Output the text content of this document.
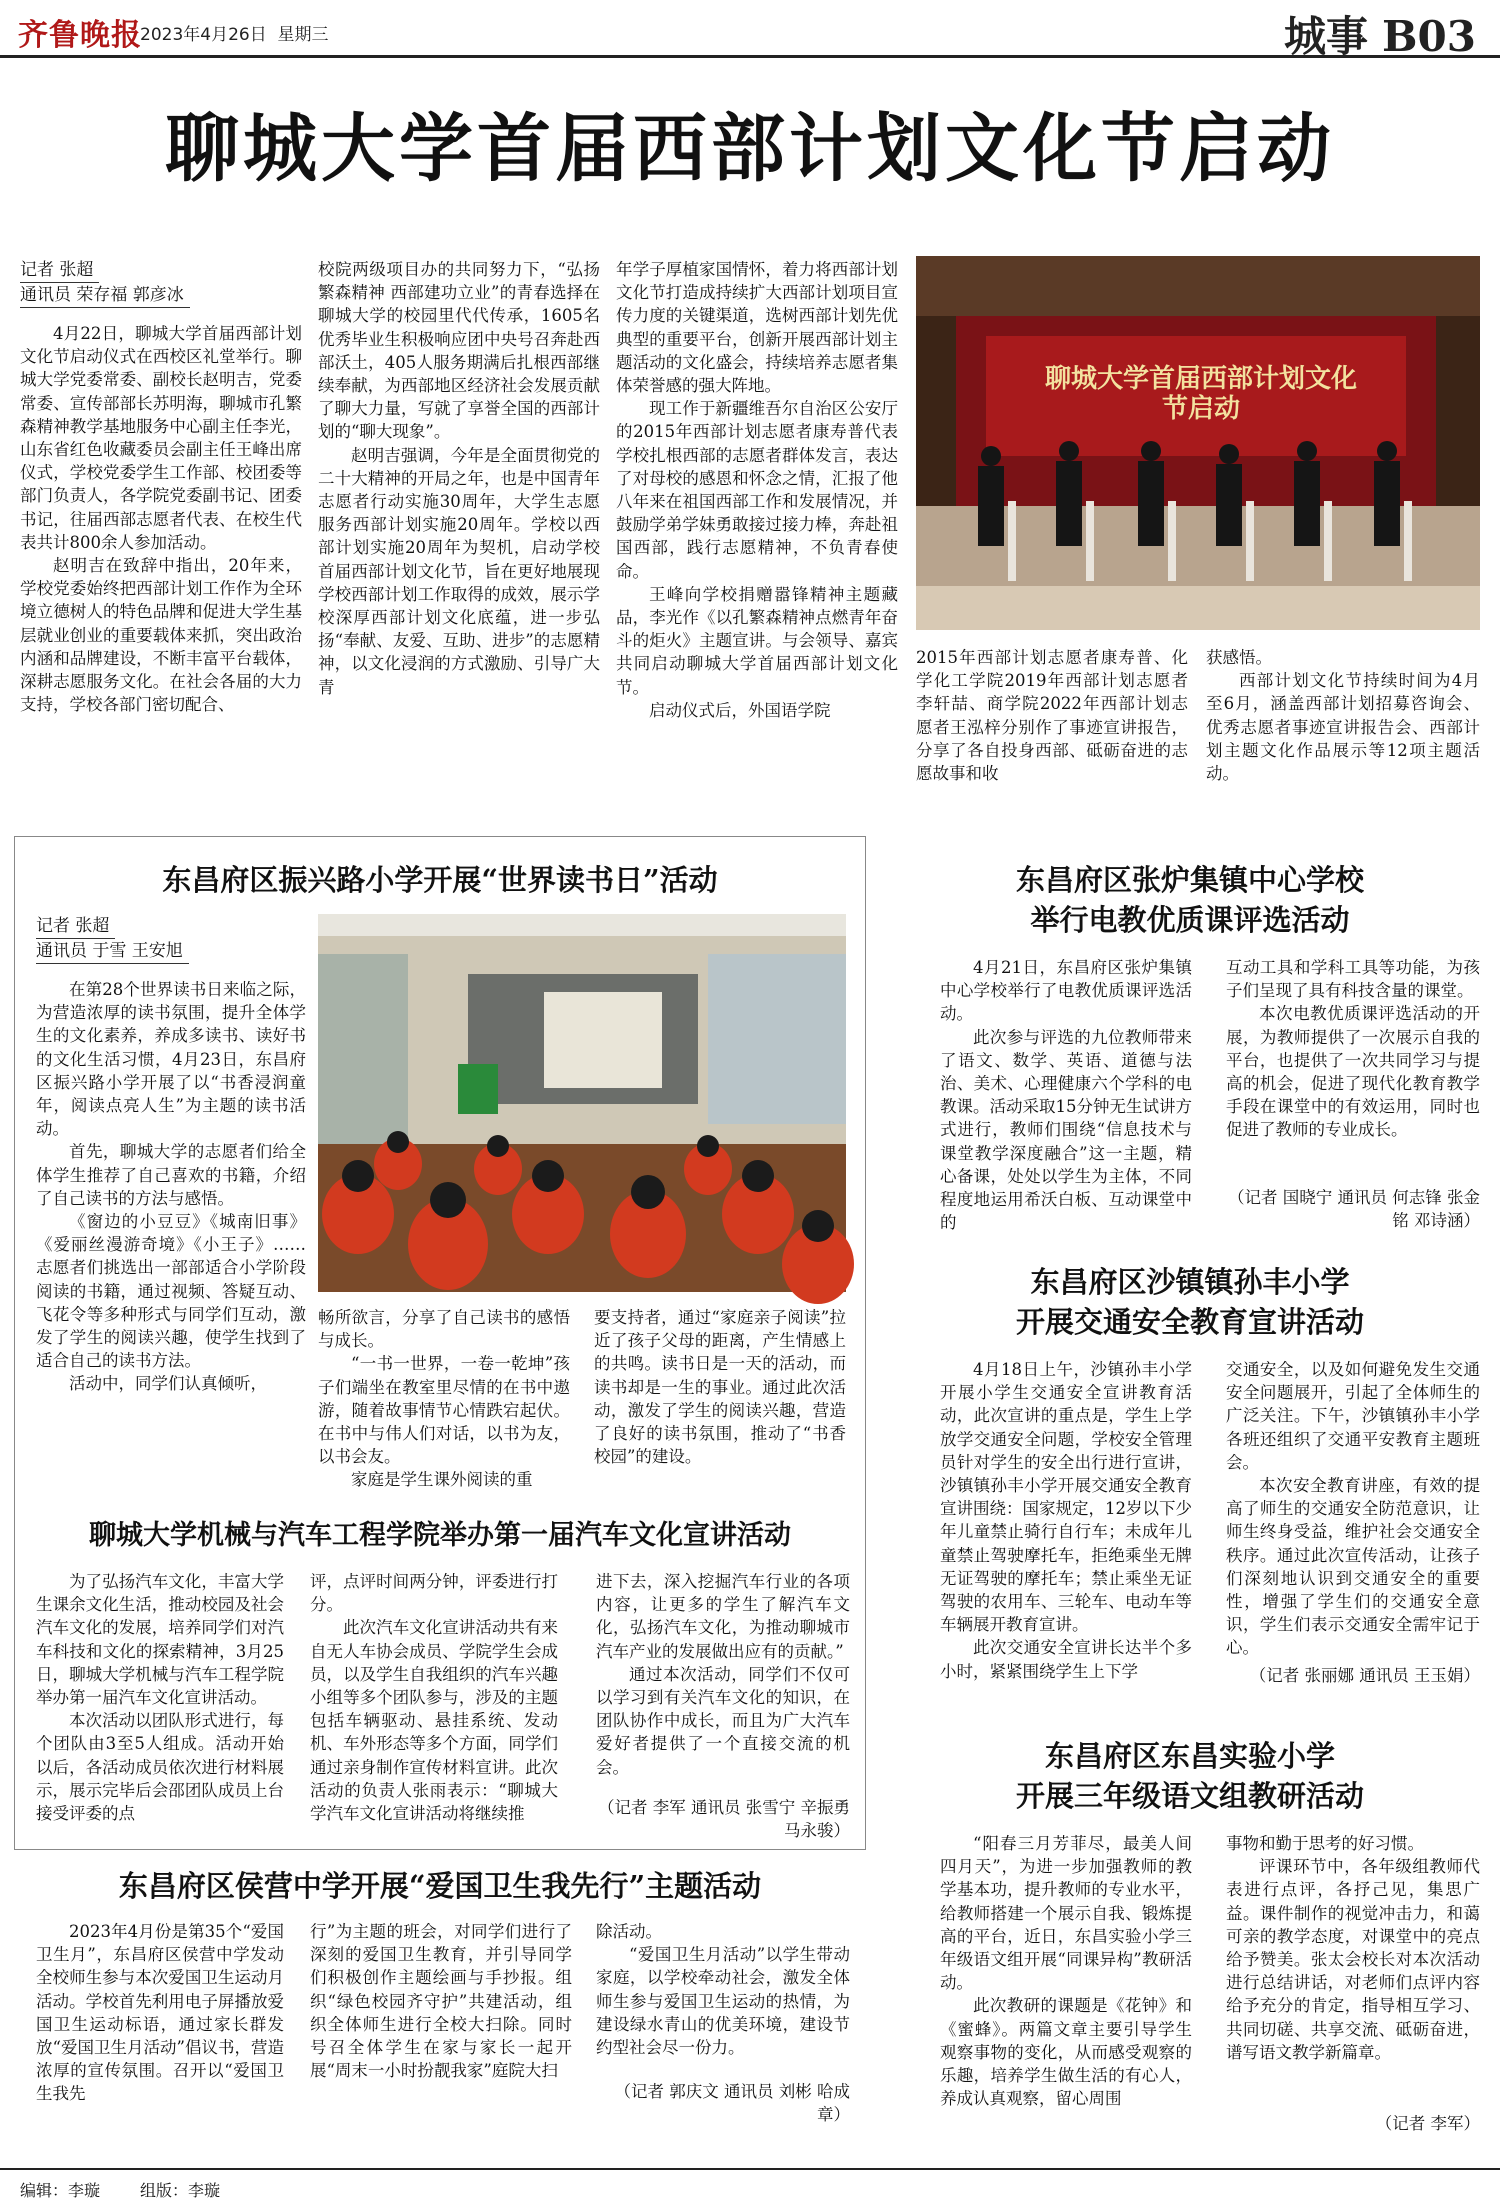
齐鲁晚报
2023年4月26日 星期三	城事 B03
聊城大学首届西部计划文化节启动
记者 张超
通讯员 荣存福 郭彦冰

4月22日，聊城大学首届西部计划文化节启动仪式在西校区礼堂举行。聊城大学党委常委、副校长赵明吉，党委常委、宣传部部长苏明海，聊城市孔繁森精神教学基地服务中心副主任李光，山东省红色收藏委员会副主任王峰出席仪式，学校党委学生工作部、校团委等部门负责人，各学院党委副书记、团委书记，往届西部志愿者代表、在校生代表共计800余人参加活动。

赵明吉在致辞中指出，20年来，学校党委始终把西部计划工作作为全环境立德树人的特色品牌和促进大学生基层就业创业的重要载体来抓，突出政治内涵和品牌建设，不断丰富平台载体，深耕志愿服务文化。在社会各届的大力支持，学校各部门密切配合、

校院两级项目办的共同努力下，“弘扬繁森精神 西部建功立业”的青春选择在聊城大学的校园里代代传承，1605名优秀毕业生积极响应团中央号召奔赴西部沃土，405人服务期满后扎根西部继续奉献，为西部地区经济社会发展贡献了聊大力量，写就了享誉全国的西部计划的“聊大现象”。

赵明吉强调，今年是全面贯彻党的二十大精神的开局之年，也是中国青年志愿者行动实施30周年，大学生志愿服务西部计划实施20周年。学校以西部计划实施20周年为契机，启动学校首届西部计划文化节，旨在更好地展现学校西部计划工作取得的成效，展示学校深厚西部计划文化底蕴，进一步弘扬“奉献、友爱、互助、进步”的志愿精神，以文化浸润的方式激励、引导广大青

年学子厚植家国情怀，着力将西部计划文化节打造成持续扩大西部计划项目宣传力度的关键渠道，选树西部计划先优典型的重要平台，创新开展西部计划主题活动的文化盛会，持续培养志愿者集体荣誉感的强大阵地。

现工作于新疆维吾尔自治区公安厅的2015年西部计划志愿者康寿普代表学校扎根西部的志愿者群体发言，表达了对母校的感恩和怀念之情，汇报了他八年来在祖国西部工作和发展情况，并鼓励学弟学妹勇敢接过接力棒，奔赴祖国西部，践行志愿精神，不负青春使命。

王峰向学校捐赠嚣锋精神主题藏品，李光作《以孔繁森精神点燃青年奋斗的炬火》主题宣讲。与会领导、嘉宾共同启动聊城大学首届西部计划文化节。

启动仪式后，外国语学院

聊城大学首届西部计划文化节启动

2015年西部计划志愿者康寿普、化学化工学院2019年西部计划志愿者李轩喆、商学院2022年西部计划志愿者王泓梓分别作了事迹宣讲报告，分享了各自投身西部、砥砺奋进的志愿故事和收

获感悟。

西部计划文化节持续时间为4月至6月，涵盖西部计划招募咨询会、优秀志愿者事迹宣讲报告会、西部计划主题文化作品展示等12项主题活动。

东昌府区振兴路小学开展“世界读书日”活动
记者 张超
通讯员 于雪 王安旭

在第28个世界读书日来临之际，为营造浓厚的读书氛围，提升全体学生的文化素养，养成多读书、读好书的文化生活习惯，4月23日，东昌府区振兴路小学开展了以“书香浸润童年，阅读点亮人生”为主题的读书活动。

首先，聊城大学的志愿者们给全体学生推荐了自己喜欢的书籍，介绍了自己读书的方法与感悟。

《窗边的小豆豆》《城南旧事》《爱丽丝漫游奇境》《小王子》……志愿者们挑选出一部部适合小学阶段阅读的书籍，通过视频、答疑互动、飞花令等多种形式与同学们互动，激发了学生的阅读兴趣，使学生找到了适合自己的读书方法。

活动中，同学们认真倾听，

畅所欲言，分享了自己读书的感悟与成长。

“一书一世界，一卷一乾坤”孩子们端坐在教室里尽情的在书中遨游，随着故事情节心情跌宕起伏。在书中与伟人们对话，以书为友，以书会友。

家庭是学生课外阅读的重

要支持者，通过“家庭亲子阅读”拉近了孩子父母的距离，产生情感上的共鸣。读书日是一天的活动，而读书却是一生的事业。通过此次活动，激发了学生的阅读兴趣，营造了良好的读书氛围，推动了“书香校园”的建设。

聊城大学机械与汽车工程学院举办第一届汽车文化宣讲活动

为了弘扬汽车文化，丰富大学生课余文化生活，推动校园及社会汽车文化的发展，培养同学们对汽车科技和文化的探索精神，3月25日，聊城大学机械与汽车工程学院举办第一届汽车文化宣讲活动。

本次活动以团队形式进行，每个团队由3至5人组成。活动开始以后，各活动成员依次进行材料展示，展示完毕后会邵团队成员上台接受评委的点

评，点评时间两分钟，评委进行打分。

此次汽车文化宣讲活动共有来自无人车协会成员、学院学生会成员，以及学生自我组织的汽车兴趣小组等多个团队参与，涉及的主题包括车辆驱动、悬挂系统、发动机、车外形态等多个方面，同学们通过亲身制作宣传材料宣讲。此次活动的负责人张雨表示：“聊城大学汽车文化宣讲活动将继续推

进下去，深入挖掘汽车行业的各项内容，让更多的学生了解汽车文化，弘扬汽车文化，为推动聊城市汽车产业的发展做出应有的贡献。”

通过本次活动，同学们不仅可以学习到有关汽车文化的知识，在团队协作中成长，而且为广大汽车爱好者提供了一个直接交流的机会。

（记者 李军 通讯员 张雪宁 辛振勇 马永骏）
东昌府区侯营中学开展“爱国卫生我先行”主题活动

2023年4月份是第35个“爱国卫生月”，东昌府区侯营中学发动全校师生参与本次爱国卫生运动月活动。学校首先利用电子屏播放爱国卫生运动标语，通过家长群发放“爱国卫生月活动”倡议书，营造浓厚的宣传氛围。召开以“爱国卫生我先

行”为主题的班会，对同学们进行了深刻的爱国卫生教育，并引导同学们积极创作主题绘画与手抄报。组织“绿色校园齐守护”共建活动，组织全体师生进行全校大扫除。同时号召全体学生在家与家长一起开展“周末一小时扮靓我家”庭院大扫

除活动。

“爱国卫生月活动”以学生带动家庭，以学校牵动社会，激发全体师生参与爱国卫生运动的热情，为建设绿水青山的优美环境，建设节约型社会尽一份力。

（记者 郭庆文 通讯员 刘彬 哈成章）
东昌府区张炉集镇中心学校
举行电教优质课评选活动

4月21日，东昌府区张炉集镇中心学校举行了电教优质课评选活动。

此次参与评选的九位教师带来了语文、数学、英语、道德与法治、美术、心理健康六个学科的电教课。活动采取15分钟无生试讲方式进行，教师们围绕“信息技术与课堂教学深度融合”这一主题，精心备课，处处以学生为主体，不同程度地运用希沃白板、互动课堂中的

互动工具和学科工具等功能，为孩子们呈现了具有科技含量的课堂。

本次电教优质课评选活动的开展，为教师提供了一次展示自我的平台，也提供了一次共同学习与提高的机会，促进了现代化教育教学手段在课堂中的有效运用，同时也促进了教师的专业成长。

（记者 国晓宁 通讯员 何志锋 张金铭 邓诗涵）
东昌府区沙镇镇孙丰小学
开展交通安全教育宣讲活动

4月18日上午，沙镇孙丰小学开展小学生交通安全宣讲教育活动，此次宣讲的重点是，学生上学放学交通安全问题，学校安全管理员针对学生的安全出行进行宣讲，沙镇镇孙丰小学开展交通安全教育宣讲围绕：国家规定，12岁以下少年儿童禁止骑行自行车；未成年儿童禁止驾驶摩托车，拒绝乘坐无牌无证驾驶的摩托车；禁止乘坐无证驾驶的农用车、三轮车、电动车等车辆展开教育宣讲。

此次交通安全宣讲长达半个多小时，紧紧围绕学生上下学

交通安全，以及如何避免发生交通安全问题展开，引起了全体师生的广泛关注。下午，沙镇镇孙丰小学各班还组织了交通平安教育主题班会。

本次安全教育讲座，有效的提高了师生的交通安全防范意识，让师生终身受益，维护社会交通安全秩序。通过此次宣传活动，让孩子们深刻地认识到交通安全的重要性，增强了学生们的交通安全意识，学生们表示交通安全需牢记于心。

（记者 张丽娜 通讯员 王玉娟）
东昌府区东昌实验小学
开展三年级语文组教研活动

“阳春三月芳菲尽，最美人间四月天”，为进一步加强教师的教学基本功，提升教师的专业水平，给教师搭建一个展示自我、锻炼提高的平台，近日，东昌实验小学三年级语文组开展“同课异构”教研活动。

此次教研的课题是《花钟》和《蜜蜂》。两篇文章主要引导学生观察事物的变化，从而感受观察的乐趣，培养学生做生活的有心人，养成认真观察，留心周围

事物和勤于思考的好习惯。

评课环节中，各年级组教师代表进行点评，各抒己见，集思广益。课件制作的视觉冲击力，和蔼可亲的教学态度，对课堂中的亮点给予赞美。张太会校长对本次活动进行总结讲话，对老师们点评内容给予充分的肯定，指导相互学习、共同切磋、共享交流、砥砺奋进，谱写语文教学新篇章。

（记者 李军）
编辑：李璇 组版：李璇
